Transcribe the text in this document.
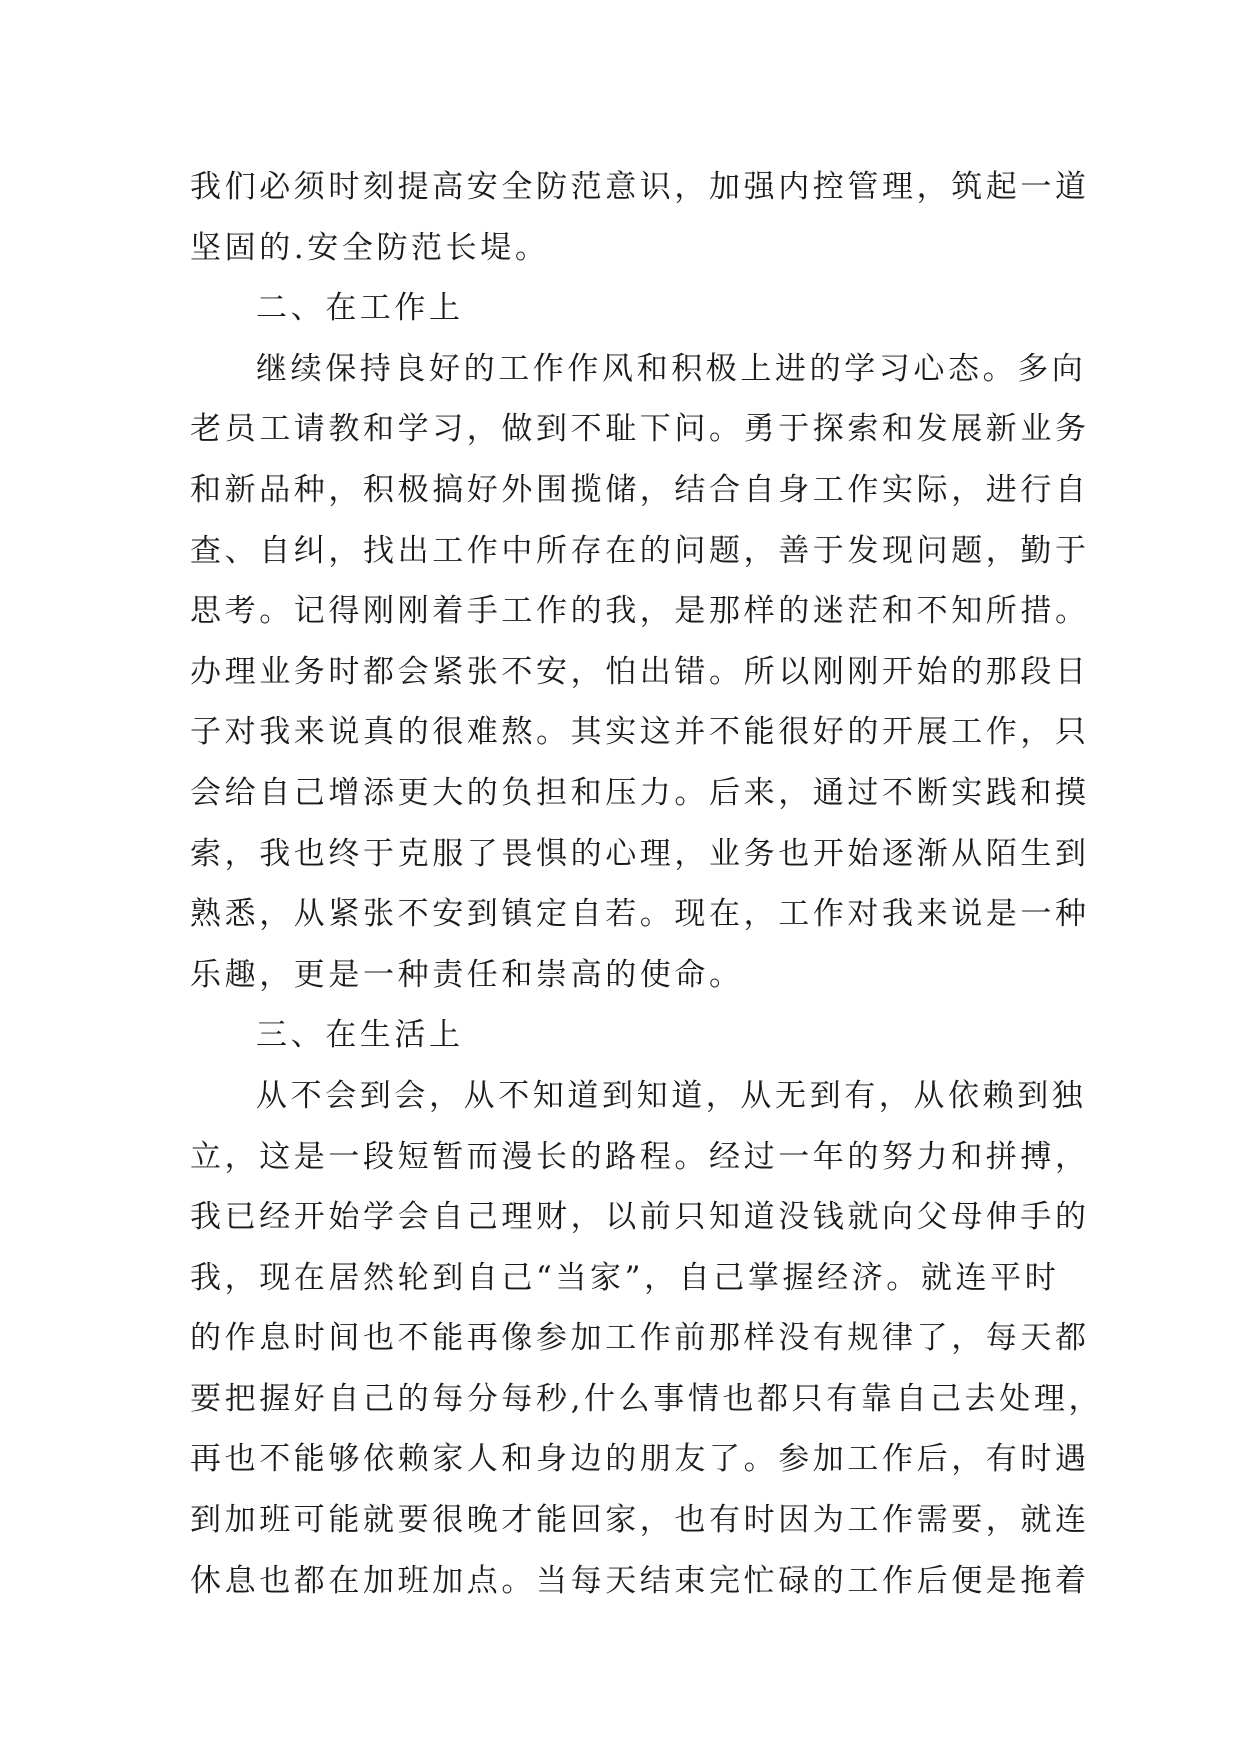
我们必须时刻提高安全防范意识，加强内控管理，筑起一道
坚固的.安全防范长堤。
二、在工作上
继续保持良好的工作作风和积极上进的学习心态。多向
老员工请教和学习，做到不耻下问。勇于探索和发展新业务
和新品种，积极搞好外围揽储，结合自身工作实际，进行自
查、自纠，找出工作中所存在的问题，善于发现问题，勤于
思考。记得刚刚着手工作的我，是那样的迷茫和不知所措。
办理业务时都会紧张不安，怕出错。所以刚刚开始的那段日
子对我来说真的很难熬。其实这并不能很好的开展工作，只
会给自己增添更大的负担和压力。后来，通过不断实践和摸
索，我也终于克服了畏惧的心理，业务也开始逐渐从陌生到
熟悉，从紧张不安到镇定自若。现在，工作对我来说是一种
乐趣，更是一种责任和崇高的使命。
三、在生活上
从不会到会，从不知道到知道，从无到有，从依赖到独
立，这是一段短暂而漫长的路程。经过一年的努力和拼搏，
我已经开始学会自己理财，以前只知道没钱就向父母伸手的
我，现在居然轮到自己“当家”，自己掌握经济。就连平时
的作息时间也不能再像参加工作前那样没有规律了，每天都
要把握好自己的每分每秒,什么事情也都只有靠自己去处理，
再也不能够依赖家人和身边的朋友了。参加工作后，有时遇
到加班可能就要很晚才能回家，也有时因为工作需要，就连
休息也都在加班加点。当每天结束完忙碌的工作后便是拖着
